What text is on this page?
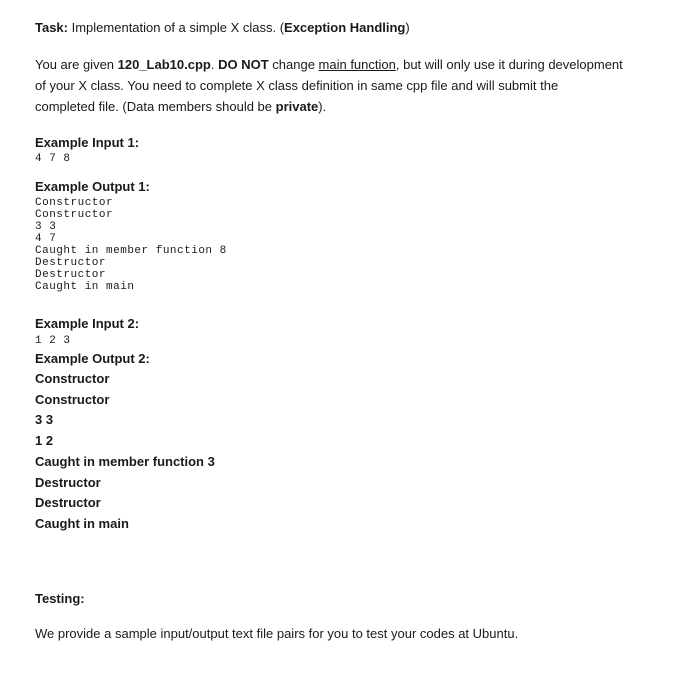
Task: Implementation of a simple X class. (Exception Handling)

You are given 120_Lab10.cpp. DO NOT change main function, but will only use it during development

of your X class. You need to complete X class definition in same cpp file and will submit the

completed file. (Data members should be private).

Example Input 1:

4 7 8

Example Output 1:

Constructor

Constructor

3 3

4 7

Caught in member function 8

Destructor

Destructor

Caught in main

Example Input 2:

1 2 3

Example Output 2:

Constructor

Constructor

3 3

1 2

Caught in member function 3

Destructor

Destructor

Caught in main

Testing:

We provide a sample input/output text file pairs for you to test your codes at Ubuntu.
